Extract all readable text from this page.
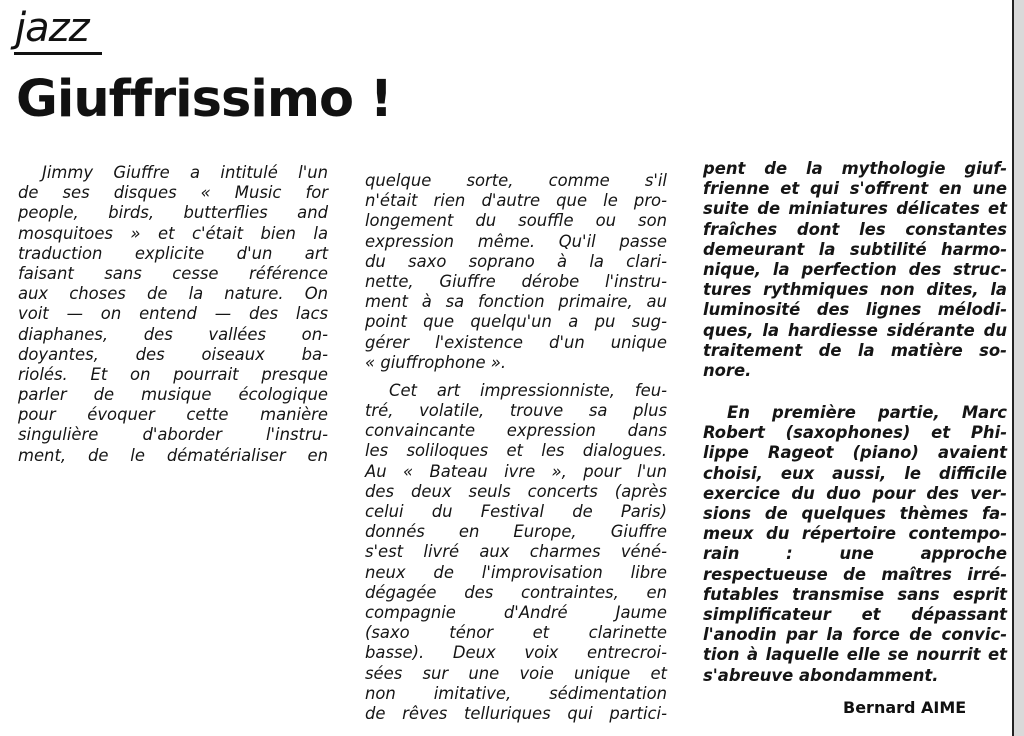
jazz
Giuffrissimo !
Jimmy Giuffre a intitulé l'un
de ses disques « Music for
people, birds, butterflies and
mosquitoes » et c'était bien la
traduction explicite d'un art
faisant sans cesse référence
aux choses de la nature. On
voit — on entend — des lacs
diaphanes, des vallées on-
doyantes, des oiseaux ba-
riolés. Et on pourrait presque
parler de musique écologique
pour évoquer cette manière
singulière d'aborder l'instru-
ment, de le dématérialiser en
quelque sorte, comme s'il
n'était rien d'autre que le pro-
longement du souffle ou son
expression même. Qu'il passe
du saxo soprano à la clari-
nette, Giuffre dérobe l'instru-
ment à sa fonction primaire, au
point que quelqu'un a pu sug-
gérer l'existence d'un unique
« giuffrophone ».
Cet art impressionniste, feu-
tré, volatile, trouve sa plus
convaincante expression dans
les soliloques et les dialogues.
Au « Bateau ivre », pour l'un
des deux seuls concerts (après
celui du Festival de Paris)
donnés en Europe, Giuffre
s'est livré aux charmes véné-
neux de l'improvisation libre
dégagée des contraintes, en
compagnie d'André Jaume
(saxo ténor et clarinette
basse). Deux voix entrecroi-
sées sur une voie unique et
non imitative, sédimentation
de rêves telluriques qui partici-
pent de la mythologie giuf-
frienne et qui s'offrent en une
suite de miniatures délicates et
fraîches dont les constantes
demeurant la subtilité harmo-
nique, la perfection des struc-
tures rythmiques non dites, la
luminosité des lignes mélodi-
ques, la hardiesse sidérante du
traitement de la matière so-
nore.
En première partie, Marc
Robert (saxophones) et Phi-
lippe Rageot (piano) avaient
choisi, eux aussi, le difficile
exercice du duo pour des ver-
sions de quelques thèmes fa-
meux du répertoire contempo-
rain : une approche
respectueuse de maîtres irré-
futables transmise sans esprit
simplificateur et dépassant
l'anodin par la force de convic-
tion à laquelle elle se nourrit et
s'abreuve abondamment.
Bernard AIME
